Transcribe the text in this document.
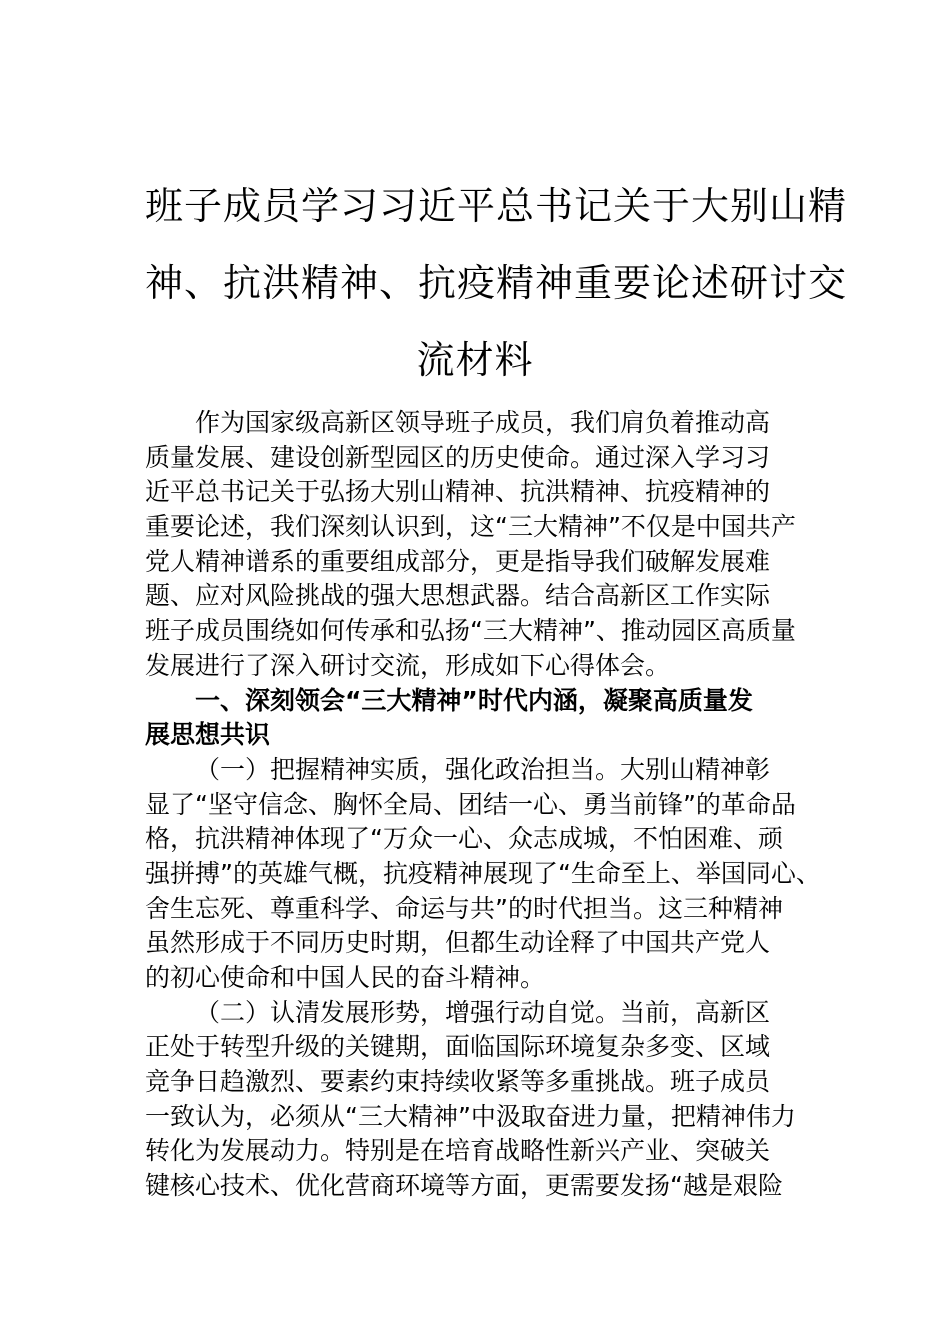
班子成员学习习近平总书记关于大别山精
神、抗洪精神、抗疫精神重要论述研讨交
流材料
作为国家级高新区领导班子成员，我们肩负着推动高
质量发展、建设创新型园区的历史使命。通过深入学习习
近平总书记关于弘扬大别山精神、抗洪精神、抗疫精神的
重要论述，我们深刻认识到，这“三大精神”不仅是中国共产
党人精神谱系的重要组成部分，更是指导我们破解发展难
题、应对风险挑战的强大思想武器。结合高新区工作实际
班子成员围绕如何传承和弘扬“三大精神”、推动园区高质量
发展进行了深入研讨交流，形成如下心得体会。
一、深刻领会“三大精神”时代内涵，凝聚高质量发
展思想共识
（一）把握精神实质，强化政治担当。大别山精神彰
显了“坚守信念、胸怀全局、团结一心、勇当前锋”的革命品
格，抗洪精神体现了“万众一心、众志成城，不怕困难、顽
强拼搏”的英雄气概，抗疫精神展现了“生命至上、举国同心、
舍生忘死、尊重科学、命运与共”的时代担当。这三种精神
虽然形成于不同历史时期，但都生动诠释了中国共产党人
的初心使命和中国人民的奋斗精神。
（二）认清发展形势，增强行动自觉。当前，高新区
正处于转型升级的关键期，面临国际环境复杂多变、区域
竞争日趋激烈、要素约束持续收紧等多重挑战。班子成员
一致认为，必须从“三大精神”中汲取奋进力量，把精神伟力
转化为发展动力。特别是在培育战略性新兴产业、突破关
键核心技术、优化营商环境等方面，更需要发扬“越是艰险
